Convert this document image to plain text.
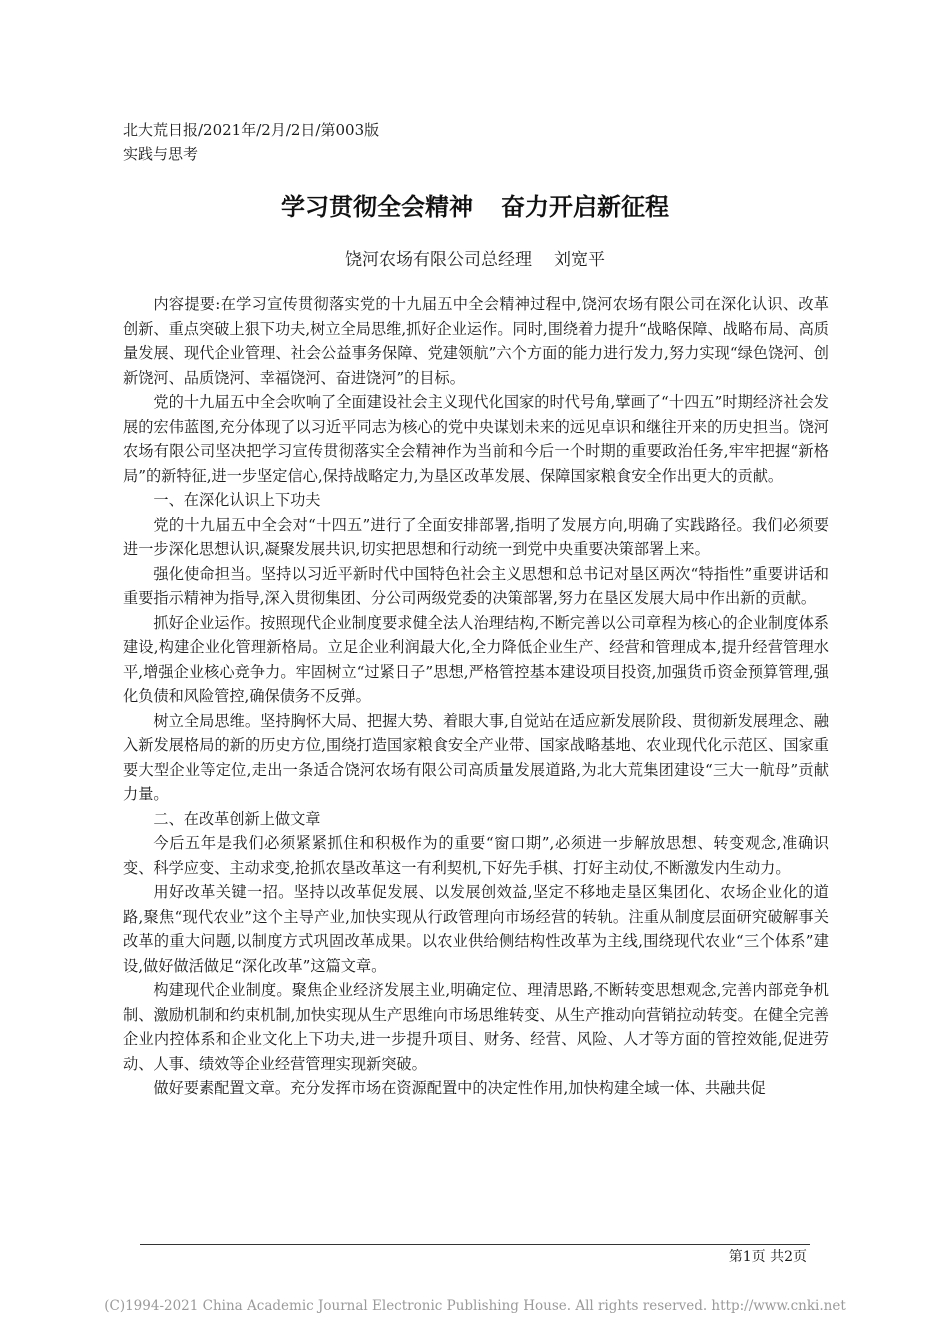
北大荒日报/2021年/2月/2日/第003版
实践与思考
学习贯彻全会精神 奋力开启新征程
饶河农场有限公司总经理 刘宽平

内容提要:在学习宣传贯彻落实党的十九届五中全会精神过程中,饶河农场有限公司在深化认识、改革创新、重点突破上狠下功夫,树立全局思维,抓好企业运作。同时,围绕着力提升“战略保障、战略布局、高质量发展、现代企业管理、社会公益事务保障、党建领航”六个方面的能力进行发力,努力实现“绿色饶河、创新饶河、品质饶河、幸福饶河、奋进饶河”的目标。

党的十九届五中全会吹响了全面建设社会主义现代化国家的时代号角,擘画了“十四五”时期经济社会发展的宏伟蓝图,充分体现了以习近平同志为核心的党中央谋划未来的远见卓识和继往开来的历史担当。饶河农场有限公司坚决把学习宣传贯彻落实全会精神作为当前和今后一个时期的重要政治任务,牢牢把握“新格局”的新特征,进一步坚定信心,保持战略定力,为垦区改革发展、保障国家粮食安全作出更大的贡献。

一、在深化认识上下功夫

党的十九届五中全会对“十四五”进行了全面安排部署,指明了发展方向,明确了实践路径。我们必须要进一步深化思想认识,凝聚发展共识,切实把思想和行动统一到党中央重要决策部署上来。

强化使命担当。坚持以习近平新时代中国特色社会主义思想和总书记对垦区两次“特指性”重要讲话和重要指示精神为指导,深入贯彻集团、分公司两级党委的决策部署,努力在垦区发展大局中作出新的贡献。

抓好企业运作。按照现代企业制度要求健全法人治理结构,不断完善以公司章程为核心的企业制度体系建设,构建企业化管理新格局。立足企业利润最大化,全力降低企业生产、经营和管理成本,提升经营管理水平,增强企业核心竞争力。牢固树立“过紧日子”思想,严格管控基本建设项目投资,加强货币资金预算管理,强化负债和风险管控,确保债务不反弹。

树立全局思维。坚持胸怀大局、把握大势、着眼大事,自觉站在适应新发展阶段、贯彻新发展理念、融入新发展格局的新的历史方位,围绕打造国家粮食安全产业带、国家战略基地、农业现代化示范区、国家重要大型企业等定位,走出一条适合饶河农场有限公司高质量发展道路,为北大荒集团建设“三大一航母”贡献力量。

二、在改革创新上做文章

今后五年是我们必须紧紧抓住和积极作为的重要“窗口期”,必须进一步解放思想、转变观念,准确识变、科学应变、主动求变,抢抓农垦改革这一有利契机,下好先手棋、打好主动仗,不断激发内生动力。

用好改革关键一招。坚持以改革促发展、以发展创效益,坚定不移地走垦区集团化、农场企业化的道路,聚焦“现代农业”这个主导产业,加快实现从行政管理向市场经营的转轨。注重从制度层面研究破解事关改革的重大问题,以制度方式巩固改革成果。以农业供给侧结构性改革为主线,围绕现代农业“三个体系”建设,做好做活做足“深化改革”这篇文章。

构建现代企业制度。聚焦企业经济发展主业,明确定位、理清思路,不断转变思想观念,完善内部竞争机制、激励机制和约束机制,加快实现从生产思维向市场思维转变、从生产推动向营销拉动转变。在健全完善企业内控体系和企业文化上下功夫,进一步提升项目、财务、经营、风险、人才等方面的管控效能,促进劳动、人事、绩效等企业经营管理实现新突破。

做好要素配置文章。充分发挥市场在资源配置中的决定性作用,加快构建全域一体、共融共促

第1页 共2页
(C)1994-2021 China Academic Journal Electronic Publishing House. All rights reserved. http://www.cnki.net
